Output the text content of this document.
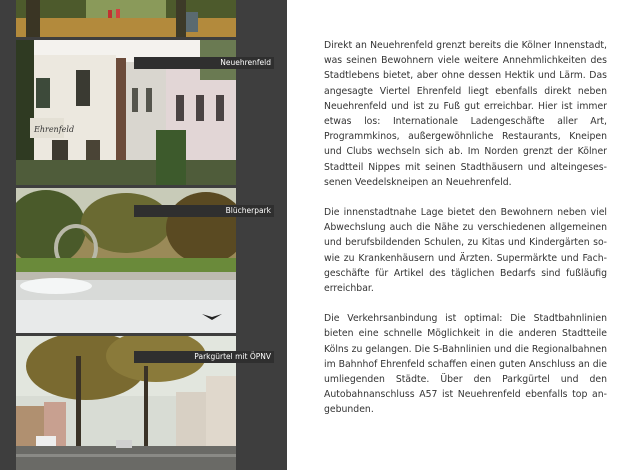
Ehrenfeld
Neuehrenfeld
Blücherpark
Parkgürtel mit ÖPNV

Direkt an Neuehrenfeld grenzt bereits die Kölner Innenstadt, was seinen Bewohnern viele weitere Annehmlichkeiten des Stadtlebens bietet, aber ohne dessen Hektik und Lärm. Das angesagte Viertel Ehrenfeld liegt ebenfalls direkt neben Neuehrenfeld und ist zu Fuß gut erreichbar. Hier ist immer etwas los: Internationale Ladengeschäfte aller Art, Programmkinos, außergewöhnliche Restaurants, Kneipen und Clubs wechseln sich ab. Im Norden grenzt der Kölner Stadtteil Nippes mit seinen Stadthäusern und alteingesessenen Veedelskneipen an Neuehrenfeld.

Die innenstadtnahe Lage bietet den Bewohnern neben viel Abwechslung auch die Nähe zu verschiedenen allgemeinen und berufsbildenden Schulen, zu Kitas und Kindergärten sowie zu Krankenhäusern und Ärzten. Supermärkte und Fachgeschäfte für Artikel des täglichen Bedarfs sind fußläufig erreichbar.

Die Verkehrsanbindung ist optimal: Die Stadtbahnlinien bieten eine schnelle Möglichkeit in die anderen Stadtteile Kölns zu gelangen. Die S-Bahnlinien und die Regionalbahnen im Bahnhof Ehrenfeld schaffen einen guten Anschluss an die umliegenden Städte. Über den Parkgürtel und den Autobahnanschluss A57 ist Neuehrenfeld ebenfalls top angebunden.
